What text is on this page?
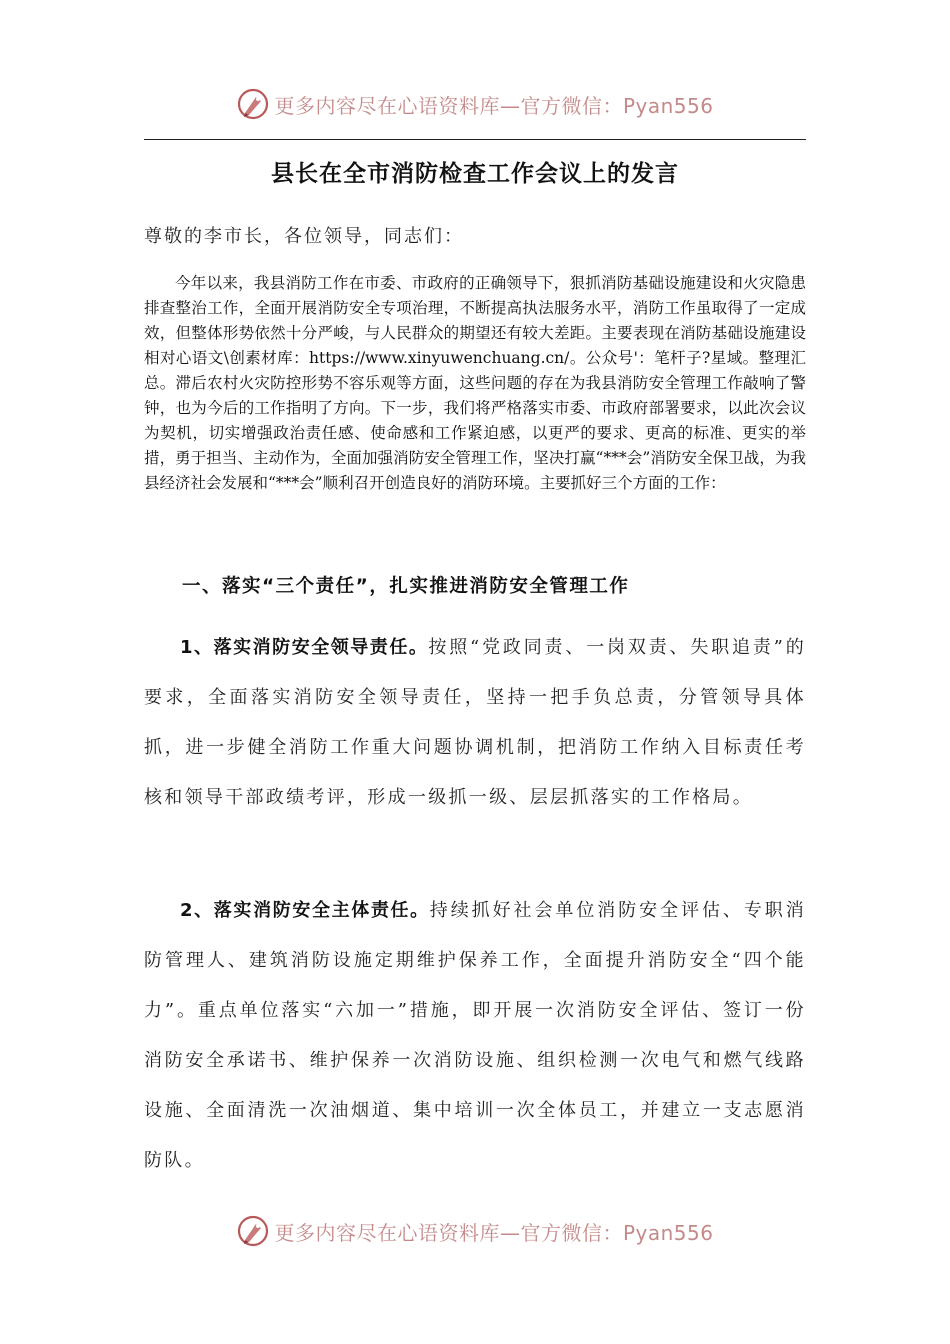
更多内容尽在心语资料库—官方微信：Pyan556
县长在全市消防检查工作会议上的发言
尊敬的李市长，各位领导，同志们：

今年以来，我县消防工作在市委、市政府的正确领导下，狠抓消防基础设施建设和火灾隐患排查整治工作，全面开展消防安全专项治理，不断提高执法服务水平，消防工作虽取得了一定成效，但整体形势依然十分严峻，与人民群众的期望还有较大差距。主要表现在消防基础设施建设相对心语文\创素材库：https://www.xinyuwenchuang.cn/。公众号'：笔杆子?星域。整理汇总。滞后农村火灾防控形势不容乐观等方面，这些问题的存在为我县消防安全管理工作敲响了警钟，也为今后的工作指明了方向。下一步，我们将严格落实市委、市政府部署要求，以此次会议为契机，切实增强政治责任感、使命感和工作紧迫感，以更严的要求、更高的标准、更实的举措，勇于担当、主动作为，全面加强消防安全管理工作，坚决打赢“***会”消防安全保卫战，为我县经济社会发展和“***会”顺利召开创造良好的消防环境。主要抓好三个方面的工作：

一、落实“三个责任”，扎实推进消防安全管理工作

1、落实消防安全领导责任。按照“党政同责、一岗双责、失职追责”的要求，全面落实消防安全领导责任，坚持一把手负总责，分管领导具体抓，进一步健全消防工作重大问题协调机制，把消防工作纳入目标责任考核和领导干部政绩考评，形成一级抓一级、层层抓落实的工作格局。

2、落实消防安全主体责任。持续抓好社会单位消防安全评估、专职消防管理人、建筑消防设施定期维护保养工作，全面提升消防安全“四个能力”。重点单位落实“六加一”措施，即开展一次消防安全评估、签订一份消防安全承诺书、维护保养一次消防设施、组织检测一次电气和燃气线路设施、全面清洗一次油烟道、集中培训一次全体员工，并建立一支志愿消防队。

更多内容尽在心语资料库—官方微信：Pyan556
